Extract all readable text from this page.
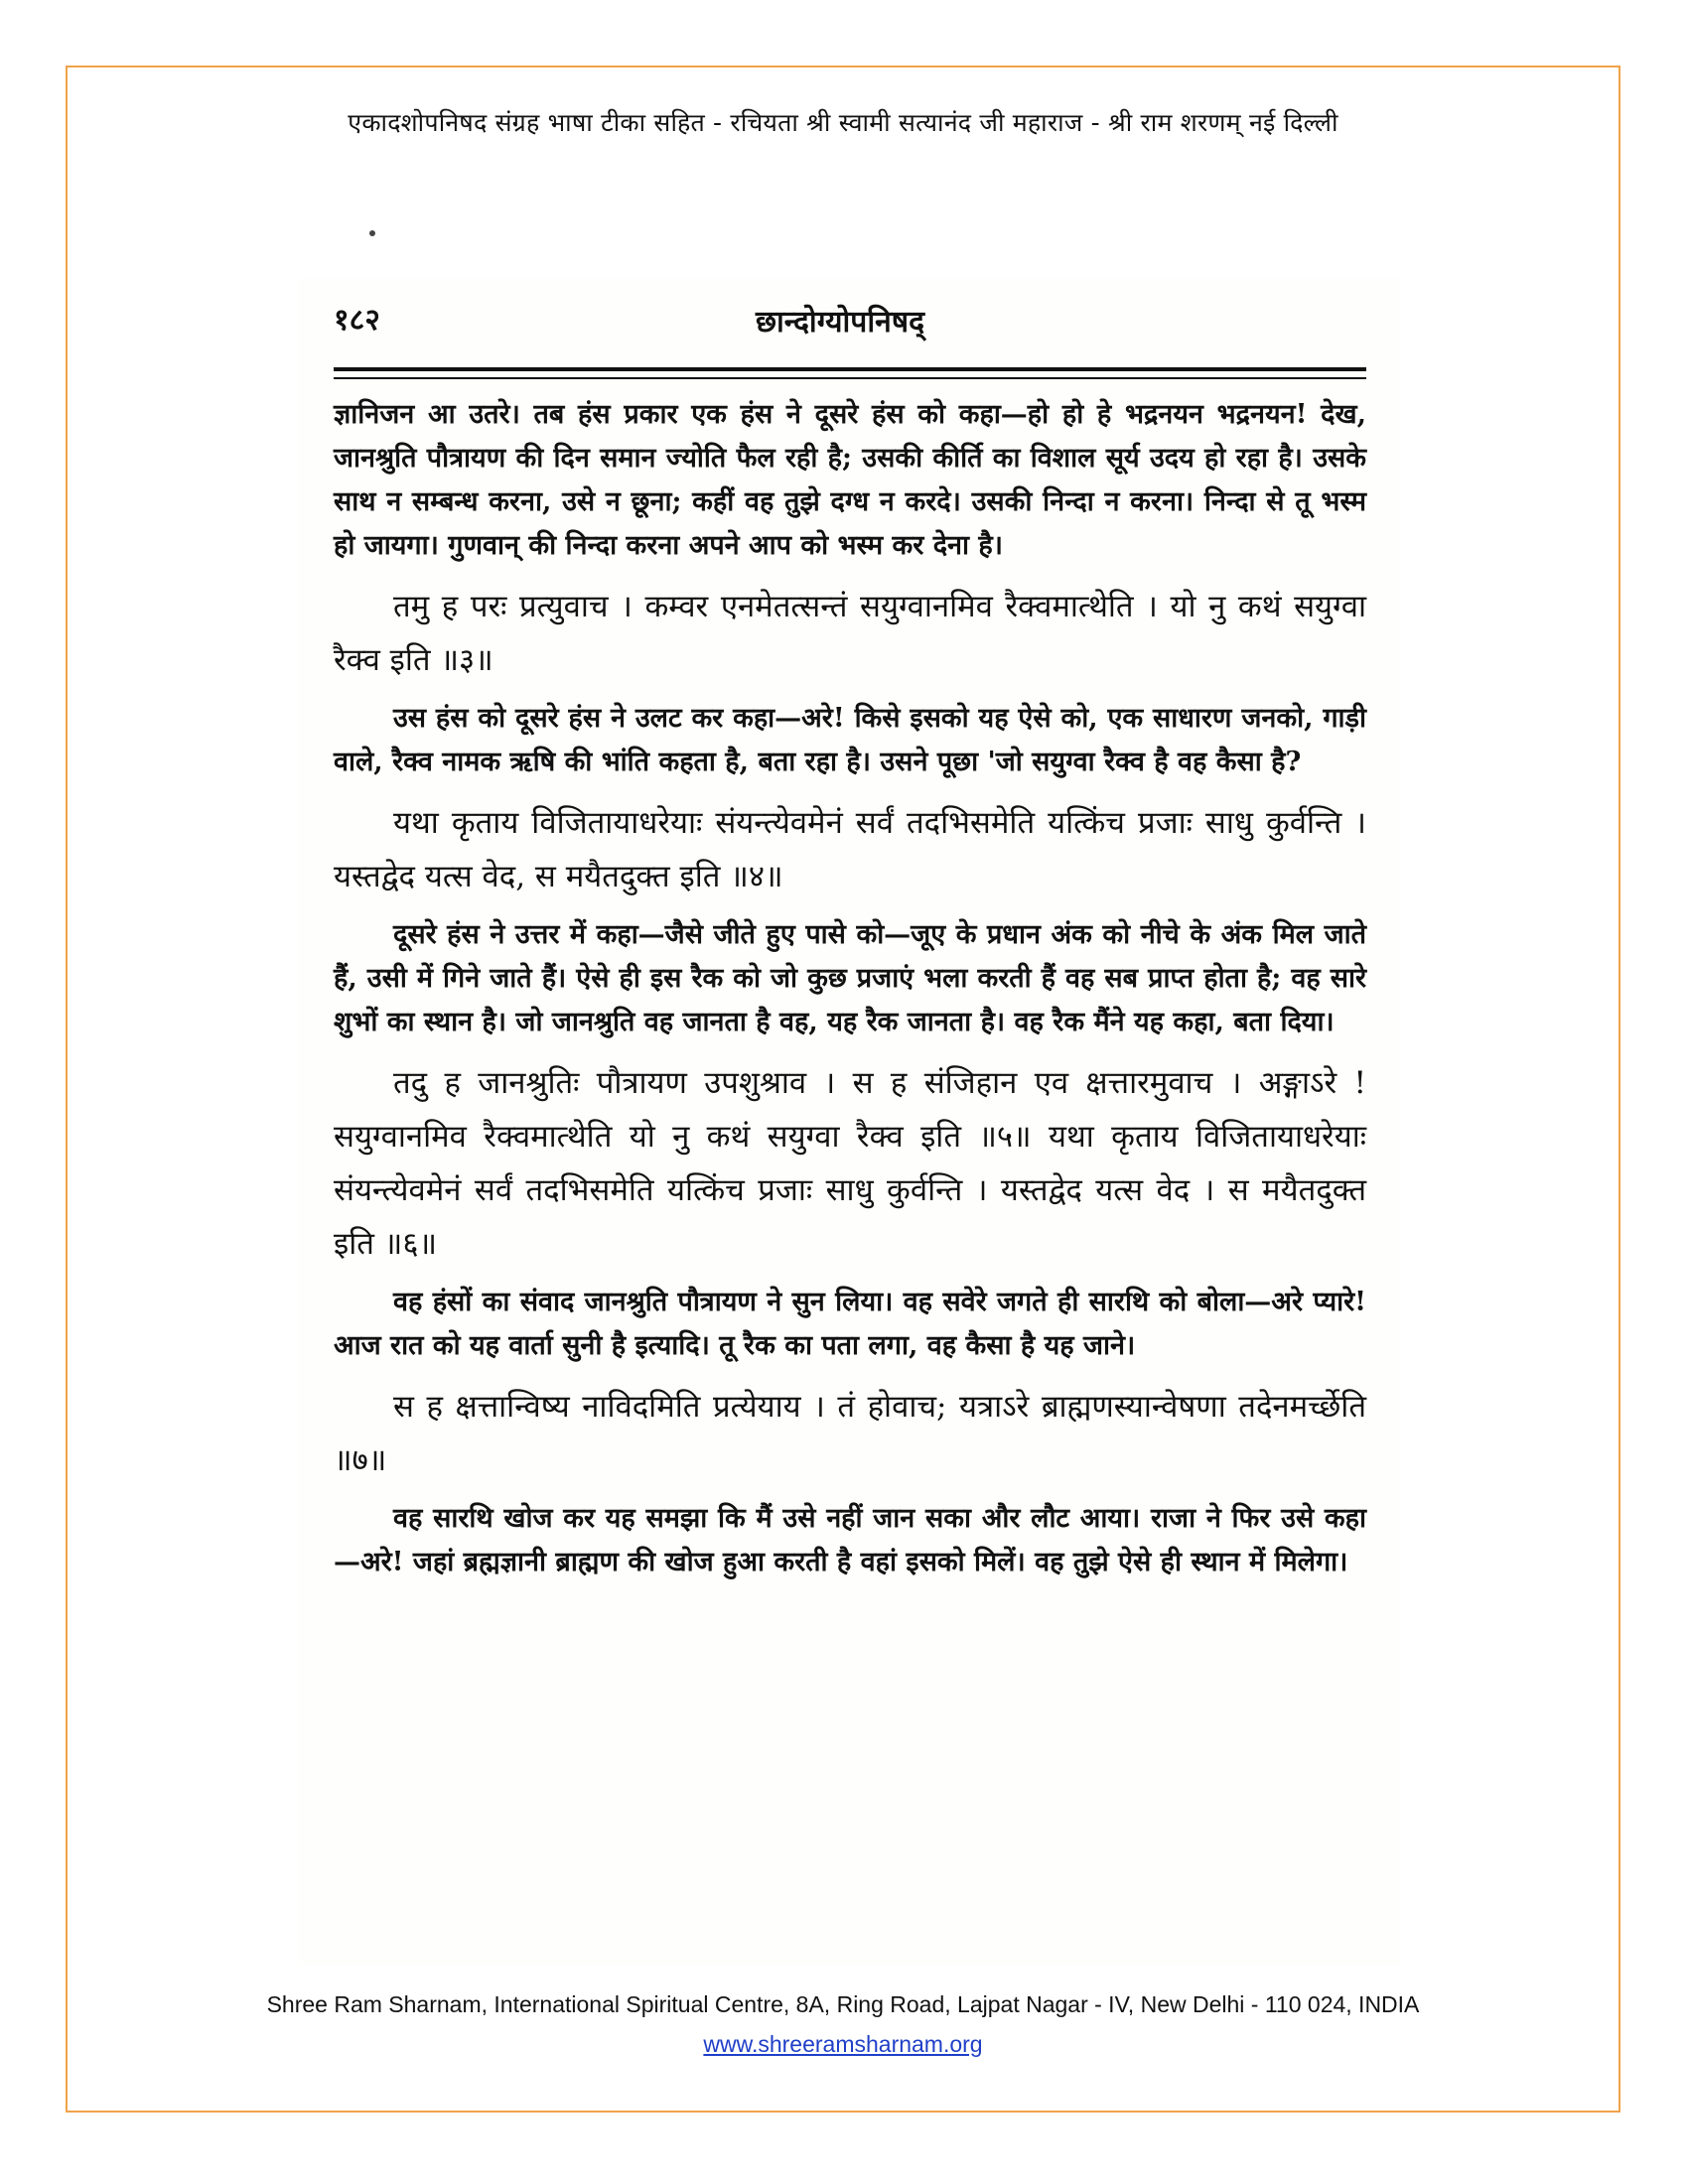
एकादशोपनिषद संग्रह भाषा टीका सहित - रचियता श्री स्वामी सत्यानंद जी महाराज - श्री राम शरणम् नई दिल्ली
१८२	छान्दोग्योपनिषद्

ज्ञानिजन आ उतरे। तब हंस प्रकार एक हंस ने दूसरे हंस को कहा—हो हो हे भद्रनयन भद्रनयन! देख, जानश्रुति पौत्रायण की दिन समान ज्योति फैल रही है; उसकी कीर्ति का विशाल सूर्य उदय हो रहा है। उसके साथ न सम्बन्ध करना, उसे न छूना; कहीं वह तुझे दग्ध न करदे। उसकी निन्दा न करना। निन्दा से तू भस्म हो जायगा। गुणवान् की निन्दा करना अपने आप को भस्म कर देना है।

तमु ह परः प्रत्युवाच । कम्वर एनमेतत्सन्तं सयुग्वानमिव रैक्वमात्थेति । यो नु कथं सयुग्वा रैक्व इति ॥३॥

उस हंस को दूसरे हंस ने उलट कर कहा—अरे! किसे इसको यह ऐसे को, एक साधारण जनको, गाड़ी वाले, रैक्व नामक ऋषि की भांति कहता है, बता रहा है। उसने पूछा 'जो सयुग्वा रैक्व है वह कैसा है?

यथा कृताय विजितायाधरेयाः संयन्त्येवमेनं सर्वं तदभिसमेति यत्किंच प्रजाः साधु कुर्वन्ति । यस्तद्वेद यत्स वेद, स मयैतदुक्त इति ॥४॥

दूसरे हंस ने उत्तर में कहा—जैसे जीते हुए पासे को—जूए के प्रधान अंक को नीचे के अंक मिल जाते हैं, उसी में गिने जाते हैं। ऐसे ही इस रैक को जो कुछ प्रजाएं भला करती हैं वह सब प्राप्त होता है; वह सारे शुभों का स्थान है। जो जानश्रुति वह जानता है वह, यह रैक जानता है। वह रैक मैंने यह कहा, बता दिया।

तदु ह जानश्रुतिः पौत्रायण उपशुश्राव । स ह संजिहान एव क्षत्तारमुवाच । अङ्गाऽरे ! सयुग्वानमिव रैक्वमात्थेति यो नु कथं सयुग्वा रैक्व इति ॥५॥ यथा कृताय विजितायाधरेयाः संयन्त्येवमेनं सर्वं तदभिसमेति यत्किंच प्रजाः साधु कुर्वन्ति । यस्तद्वेद यत्स वेद । स मयैतदुक्त इति ॥६॥

वह हंसों का संवाद जानश्रुति पौत्रायण ने सुन लिया। वह सवेरे जगते ही सारथि को बोला—अरे प्यारे! आज रात को यह वार्ता सुनी है इत्यादि। तू रैक का पता लगा, वह कैसा है यह जाने।

स ह क्षत्तान्विष्य नाविदमिति प्रत्येयाय । तं होवाच; यत्राऽरे ब्राह्मणस्यान्वेषणा तदेनमर्च्छेति ॥७॥

वह सारथि खोज कर यह समझा कि मैं उसे नहीं जान सका और लौट आया। राजा ने फिर उसे कहा—अरे! जहां ब्रह्मज्ञानी ब्राह्मण की खोज हुआ करती है वहां इसको मिलें। वह तुझे ऐसे ही स्थान में मिलेगा।

Shree Ram Sharnam, International Spiritual Centre, 8A, Ring Road, Lajpat Nagar - IV, New Delhi - 110 024, INDIA
www.shreeramsharnam.org
